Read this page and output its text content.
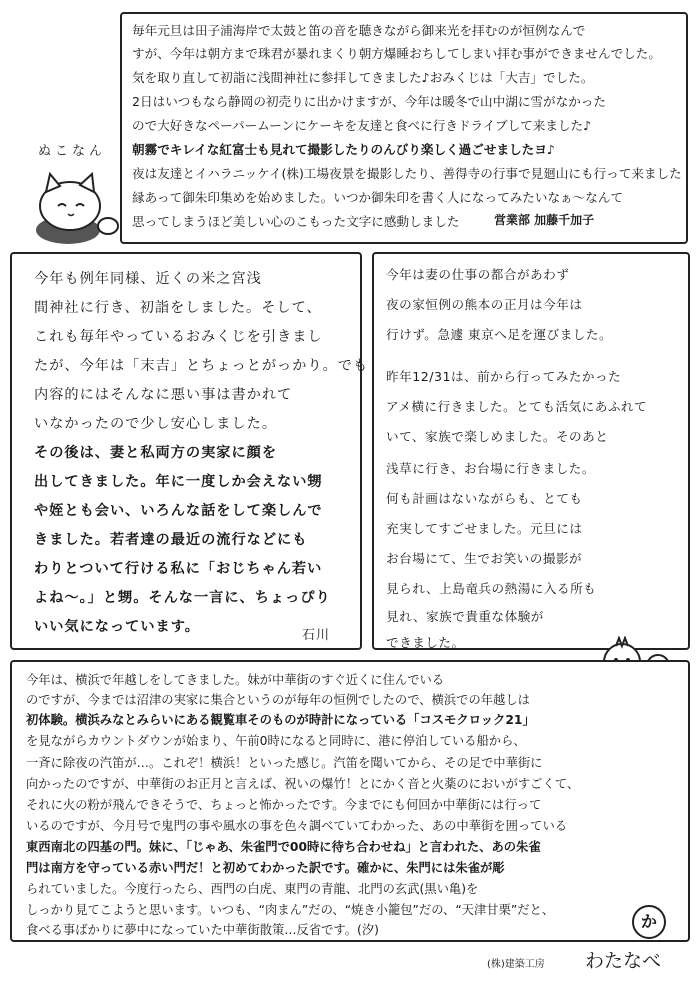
毎年元旦は田子浦海岸で太鼓と笛の音を聴きながら御来光を拝むのが恒例なんで
すが、今年は朝方まで珠君が暴れまくり朝方爆睡おちしてしまい拝む事ができませんでした。
気を取り直して初詣に浅間神社に参拝してきました♪おみくじは「大吉」でした。
2日はいつもなら静岡の初売りに出かけますが、今年は暖冬で山中湖に雪がなかった
ので大好きなペーパームーンにケーキを友達と食べに行きドライブして来ました♪
朝霧でキレイな紅富士も見れて撮影したりのんびり楽しく過ごせましたヨ♪
夜は友達とイハラニッケイ(株)工場夜景を撮影したり、善得寺の行事で見廻山にも行って来ました
縁あって御朱印集めを始めました。いつか御朱印を書く人になってみたいなぁ～なんて
思ってしまうほど美しい心のこもった文字に感動しました	営業部 加藤千加子
ぬこなん
今年も例年同様、近くの米之宮浅
間神社に行き、初詣をしました。そして、
これも毎年やっているおみくじを引きまし
たが、今年は「末吉」とちょっとがっかり。でも
内容的にはそんなに悪い事は書かれて
いなかったので少し安心しました。
その後は、妻と私両方の実家に顔を
出してきました。年に一度しか会えない甥
や姪とも会い、いろんな話をして楽しんで
きました。若者達の最近の流行などにも
わりとついて行ける私に「おじちゃん若い
よね～。」と甥。そんな一言に、ちょっぴり
いい気になっています。
石川
今年は妻の仕事の都合があわず
夜の家恒例の熊本の正月は今年は
行けず。急遽 東京へ足を運びました。
昨年12/31は、前から行ってみたかった
アメ横に行きました。とても活気にあふれて
いて、家族で楽しめました。そのあと
浅草に行き、お台場に行きました。
何も計画はないながらも、とても
充実してすごせました。元旦には
お台場にて、生でお笑いの撮影が
見られ、上島竜兵の熱湯に入る所も
見れ、家族で貴重な体験が
できました。
今年は、横浜で年越しをしてきました。妹が中華街のすぐ近くに住んでいる
のですが、今までは沼津の実家に集合というのが毎年の恒例でしたので、横浜での年越しは
初体験。横浜みなとみらいにある観覧車そのものが時計になっている「コスモクロック21」
を見ながらカウントダウンが始まり、午前0時になると同時に、港に停泊している船から、
一斉に除夜の汽笛が…。これぞ！横浜！といった感じ。汽笛を聞いてから、その足で中華街に
向かったのですが、中華街のお正月と言えば、祝いの爆竹！とにかく音と火薬のにおいがすごくて、
それに火の粉が飛んできそうで、ちょっと怖かったです。今までにも何回か中華街には行って
いるのですが、今月号で鬼門の事や風水の事を色々調べていてわかった、あの中華街を囲っている
東西南北の四基の門。妹に、「じゃあ、朱雀門で00時に待ち合わせね」と言われた、あの朱雀
門は南方を守っている赤い門だ！と初めてわかった訳です。確かに、朱門には朱雀が彫
られていました。今度行ったら、西門の白虎、東門の青龍、北門の玄武(黒い亀)を
しっかり見てこようと思います。いつも、“肉まん”だの、“焼き小籠包”だの、“天津甘栗”だと、
食べる事ばかりに夢中になっていた中華街散策…反省です。(汐)	か
(株)建築工房 わたなべ
